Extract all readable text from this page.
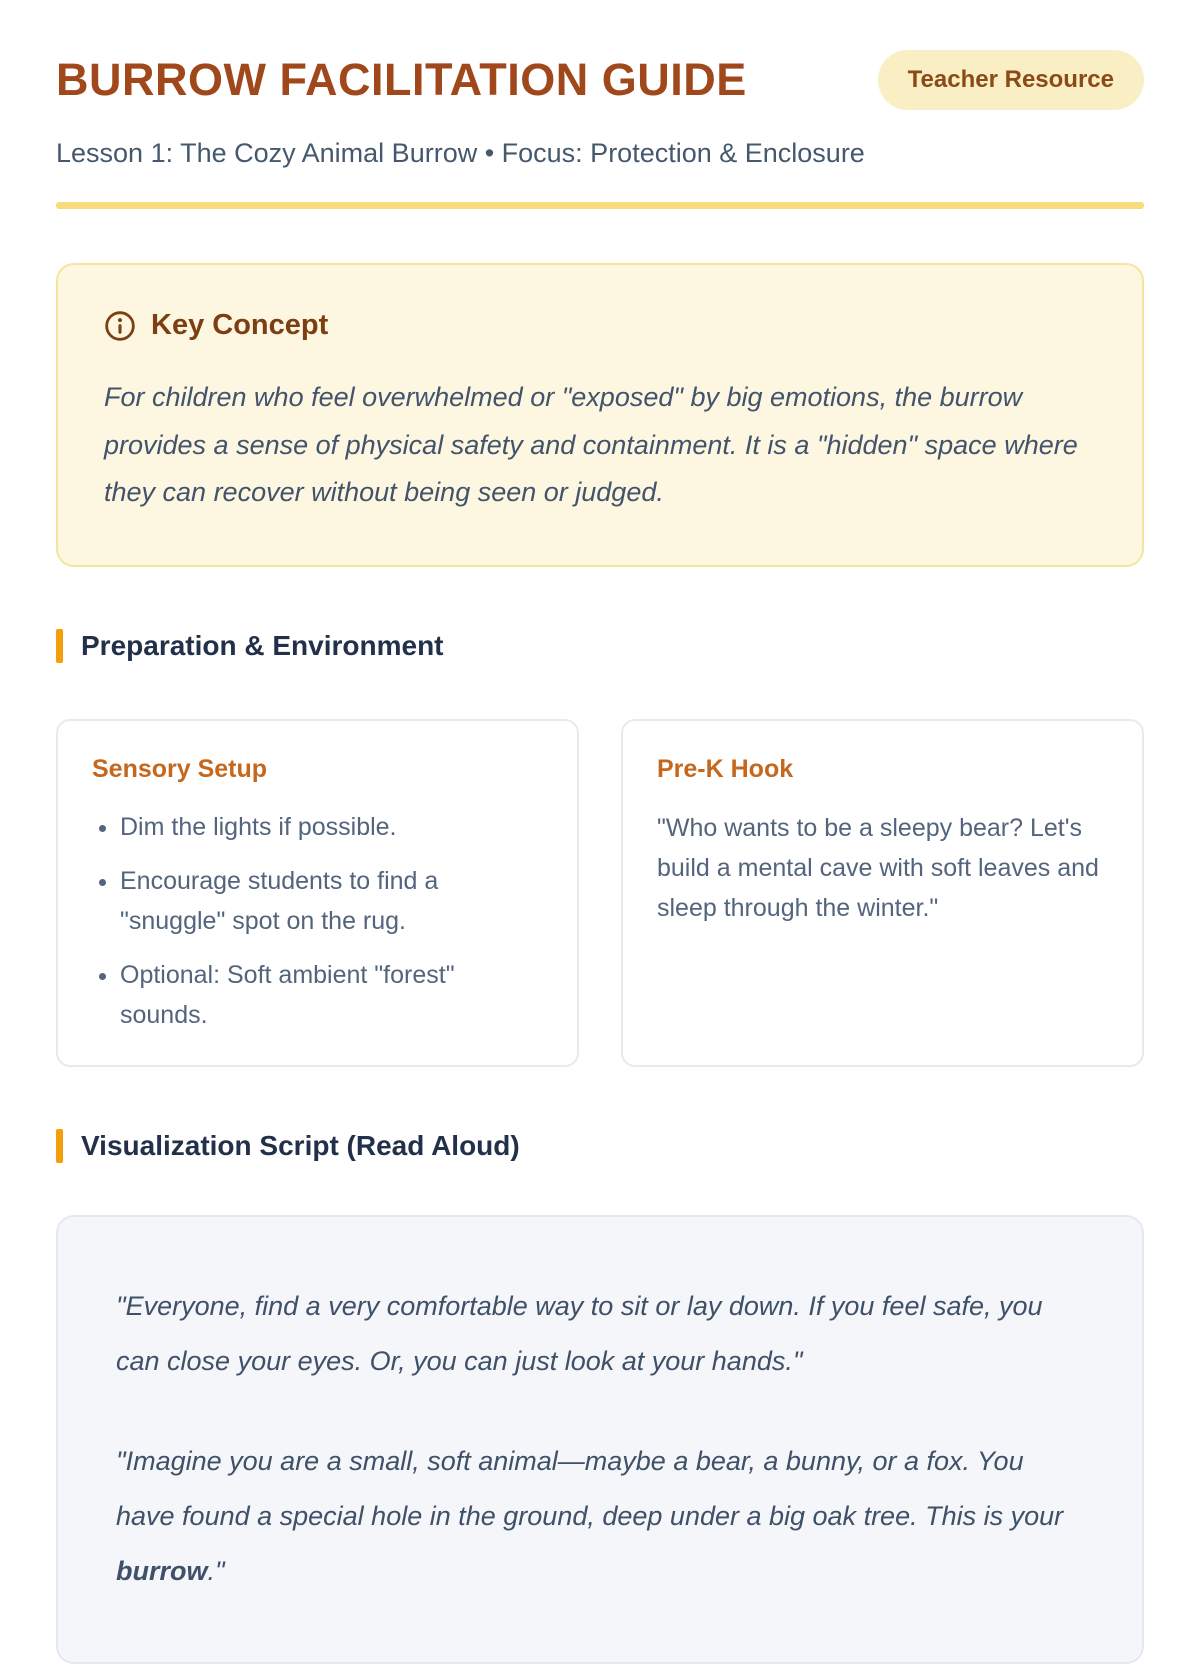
BURROW FACILITATION GUIDE	Teacher Resource

Lesson 1: The Cozy Animal Burrow • Focus: Protection & Enclosure

Key Concept

For children who feel overwhelmed or "exposed" by big emotions, the burrow provides a sense of physical safety and containment. It is a "hidden" space where they can recover without being seen or judged.

Preparation & Environment
Sensory Setup
• Dim the lights if possible.
• Encourage students to find a "snuggle" spot on the rug.
• Optional: Soft ambient "forest" sounds.
Pre-K Hook

"Who wants to be a sleepy bear? Let's build a mental cave with soft leaves and sleep through the winter."

Visualization Script (Read Aloud)

"Everyone, find a very comfortable way to sit or lay down. If you feel safe, you can close your eyes. Or, you can just look at your hands."

"Imagine you are a small, soft animal—maybe a bear, a bunny, or a fox. You have found a special hole in the ground, deep under a big oak tree. This is your burrow."
